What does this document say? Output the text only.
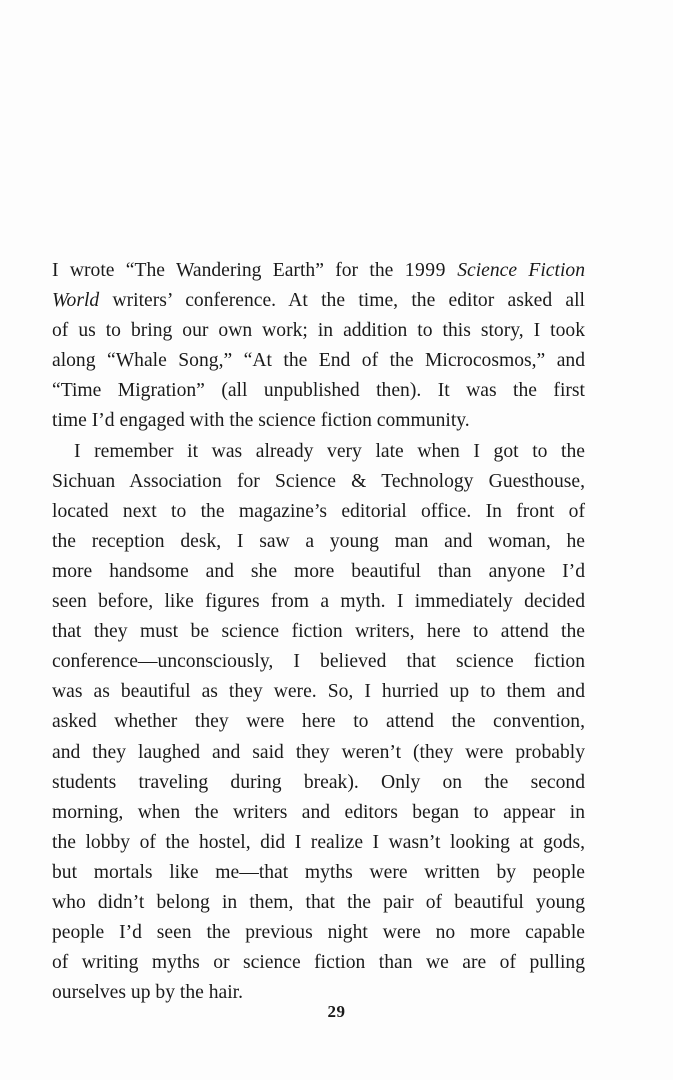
I wrote “The Wandering Earth” for the 1999 Science Fiction
World writers’ conference. At the time, the editor asked all
of us to bring our own work; in addition to this story, I took
along “Whale Song,” “At the End of the Microcosmos,” and
“Time Migration” (all unpublished then). It was the first
time I’d engaged with the science fiction community.

I remember it was already very late when I got to the
Sichuan Association for Science & Technology Guesthouse,
located next to the magazine’s editorial office. In front of
the reception desk, I saw a young man and woman, he
more handsome and she more beautiful than anyone I’d
seen before, like figures from a myth. I immediately decided
that they must be science fiction writers, here to attend the
conference—unconsciously, I believed that science fiction
was as beautiful as they were. So, I hurried up to them and
asked whether they were here to attend the convention,
and they laughed and said they weren’t (they were probably
students traveling during break). Only on the second
morning, when the writers and editors began to appear in
the lobby of the hostel, did I realize I wasn’t looking at gods,
but mortals like me—that myths were written by people
who didn’t belong in them, that the pair of beautiful young
people I’d seen the previous night were no more capable
of writing myths or science fiction than we are of pulling
ourselves up by the hair.

29
